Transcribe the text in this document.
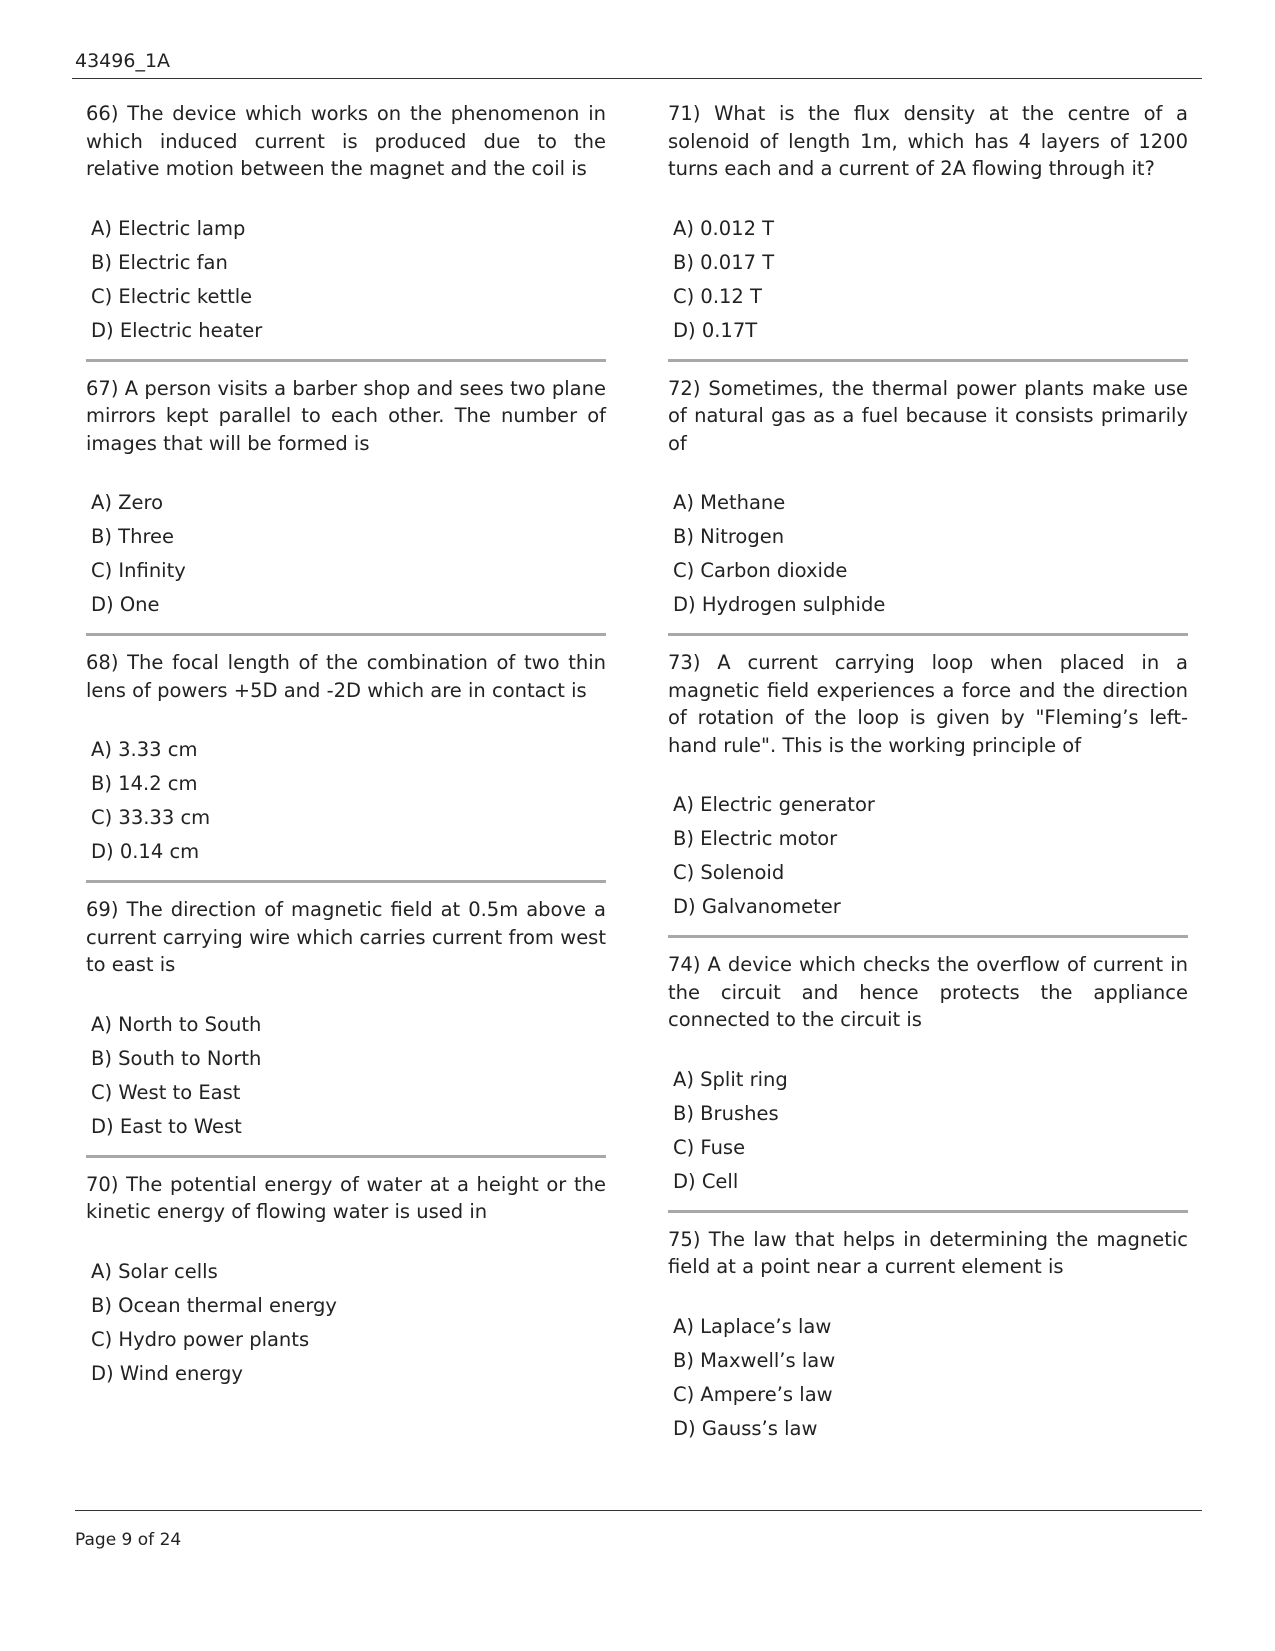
43496_1A

66) The device which works on the phenomenon in which induced current is produced due to the relative motion between the magnet and the coil is

A) Electric lamp
B) Electric fan
C) Electric kettle
D) Electric heater

67) A person visits a barber shop and sees two plane mirrors kept parallel to each other. The number of images that will be formed is

A) Zero
B) Three
C) Infinity
D) One

68) The focal length of the combination of two thin lens of powers +5D and -2D which are in contact is

A) 3.33 cm
B) 14.2 cm
C) 33.33 cm
D) 0.14 cm

69) The direction of magnetic field at 0.5m above a current carrying wire which carries current from west to east is

A) North to South
B) South to North
C) West to East
D) East to West

70) The potential energy of water at a height or the kinetic energy of flowing water is used in

A) Solar cells
B) Ocean thermal energy
C) Hydro power plants
D) Wind energy

71) What is the flux density at the centre of a solenoid of length 1m, which has 4 layers of 1200 turns each and a current of 2A flowing through it?

A) 0.012 T
B) 0.017 T
C) 0.12 T
D) 0.17T

72) Sometimes, the thermal power plants make use of natural gas as a fuel because it consists primarily of

A) Methane
B) Nitrogen
C) Carbon dioxide
D) Hydrogen sulphide

73) A current carrying loop when placed in a magnetic field experiences a force and the direction of rotation of the loop is given by "Fleming’s left-hand rule". This is the working principle of

A) Electric generator
B) Electric motor
C) Solenoid
D) Galvanometer

74) A device which checks the overflow of current in the circuit and hence protects the appliance connected to the circuit is

A) Split ring
B) Brushes
C) Fuse
D) Cell

75) The law that helps in determining the magnetic field at a point near a current element is

A) Laplace’s law
B) Maxwell’s law
C) Ampere’s law
D) Gauss’s law
Page 9 of 24
